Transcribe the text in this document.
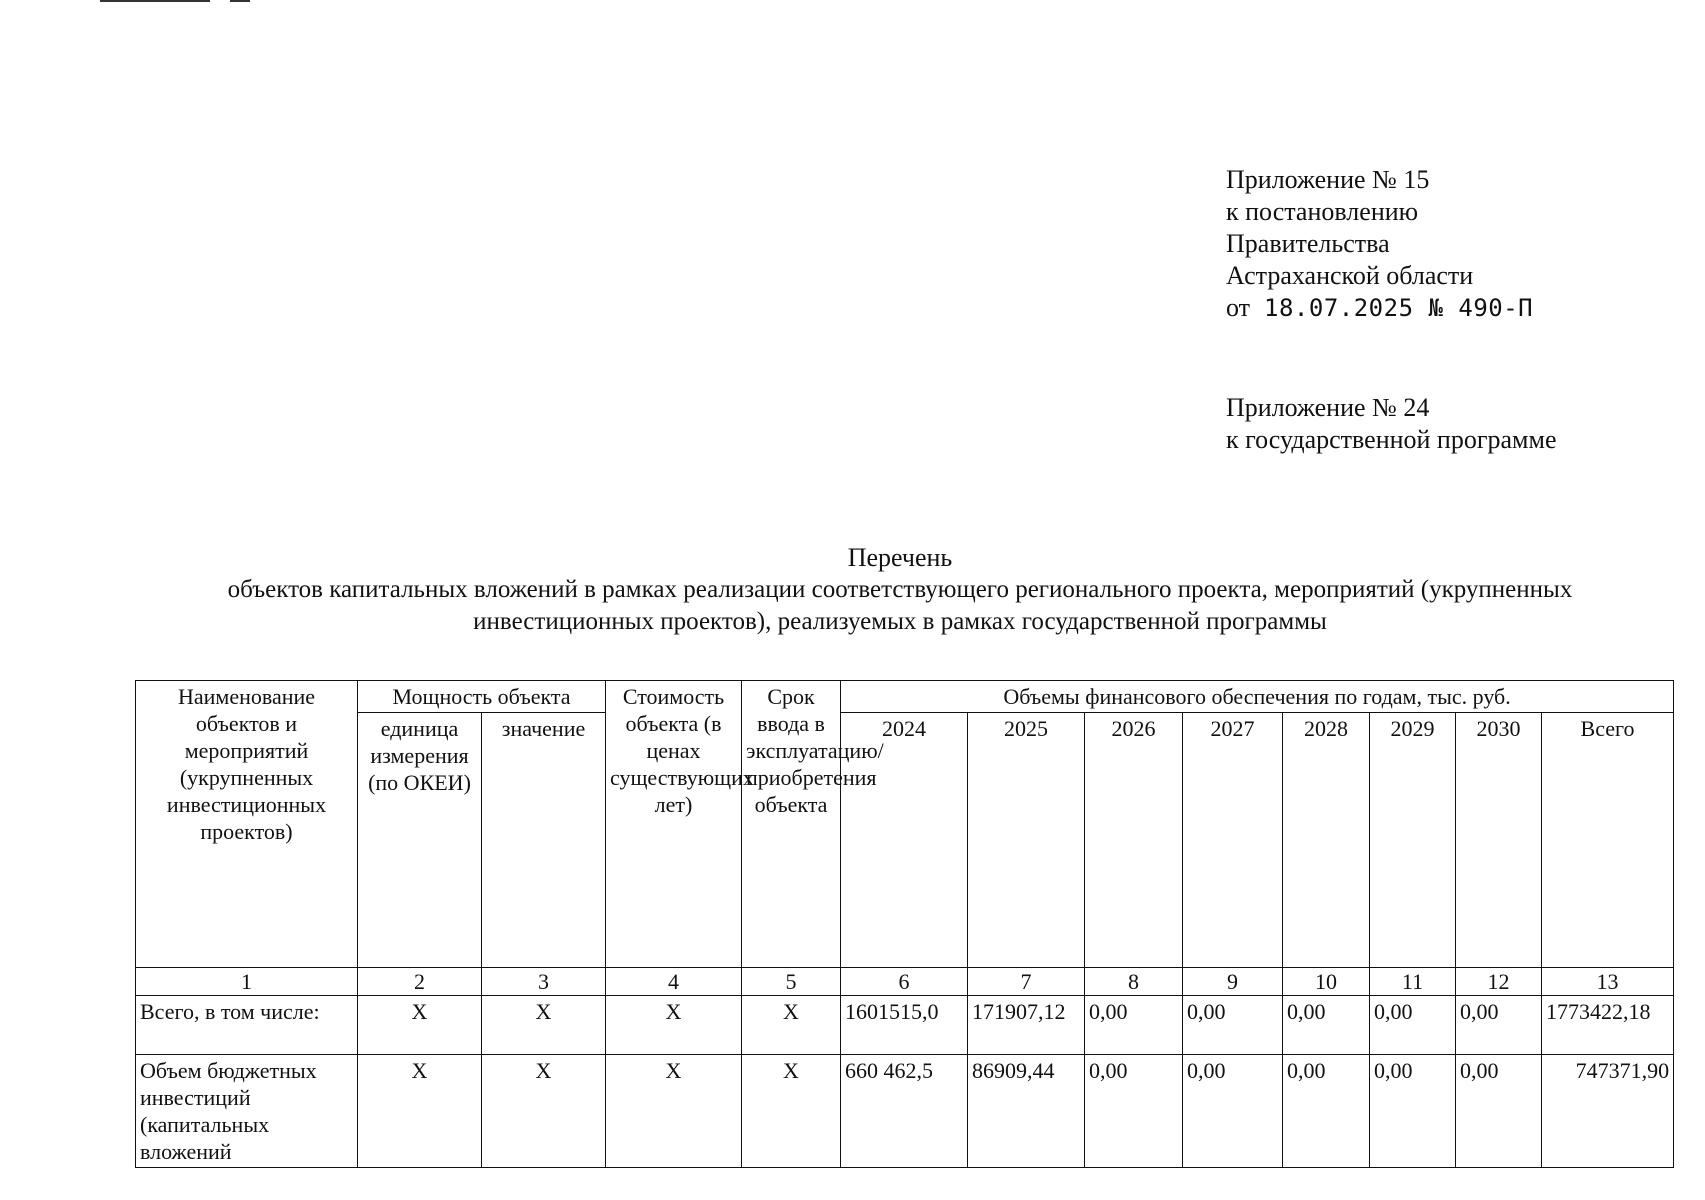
Приложение № 15
к постановлению
Правительства
Астраханской области
от 18.07.2025 № 490-П
Приложение № 24
к государственной программе
Перечень
объектов капитальных вложений в рамках реализации соответствующего регионального проекта, мероприятий (укрупненных
инвестиционных проектов), реализуемых в рамках государственной программы
Наименование объектов и мероприятий (укрупненных инвестиционных проектов)	Мощность объекта		Стоимость объекта (в ценах существующих лет)	Срок ввода в эксплуатацию/ приобретения объекта	Объемы финансового обеспечения по годам, тыс. руб.							
	единица измерения (по ОКЕИ)	значение			2024	2025	2026	2027	2028	2029	2030	Всего
1	2	3	4	5	6	7	8	9	10	11	12	13
Всего, в том числе:	X	X	X	X	1601515,0	171907,12	0,00	0,00	0,00	0,00	0,00	1773422,18
Объем бюджетных инвестиций (капитальных вложений	X	X	X	X	660 462,5	86909,44	0,00	0,00	0,00	0,00	0,00	747371,90
